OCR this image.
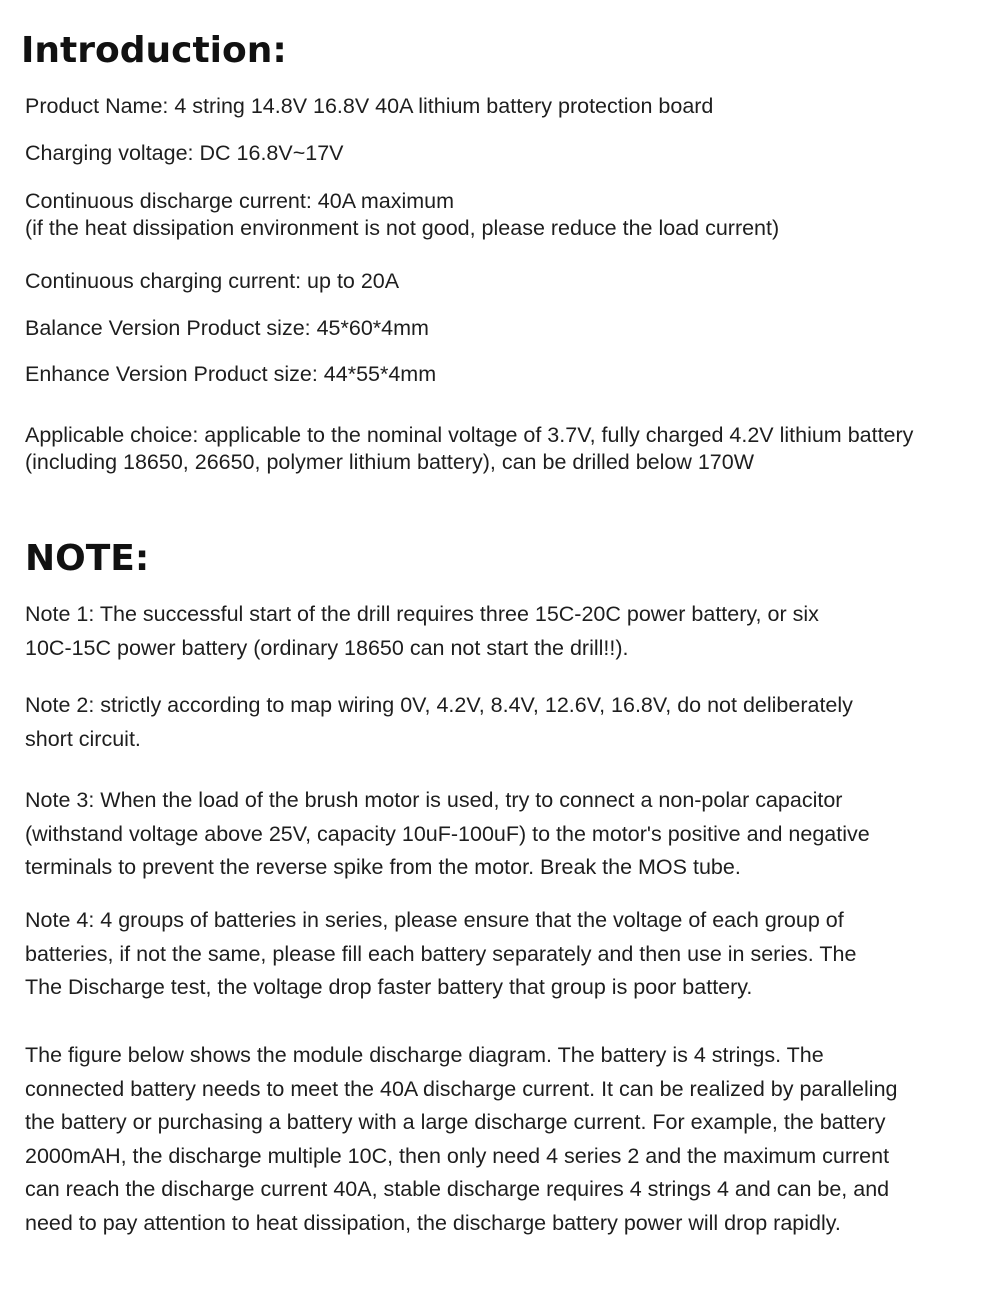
Introduction:

Product Name: 4 string 14.8V 16.8V 40A lithium battery protection board

Charging voltage: DC 16.8V~17V

Continuous discharge current: 40A maximum
(if the heat dissipation environment is not good, please reduce the load current)

Continuous charging current: up to 20A

Balance Version Product size: 45*60*4mm

Enhance Version Product size: 44*55*4mm

Applicable choice: applicable to the nominal voltage of 3.7V, fully charged 4.2V lithium battery
(including 18650, 26650, polymer lithium battery), can be drilled below 170W

NOTE:

Note 1: The successful start of the drill requires three 15C-20C power battery, or six
10C-15C power battery (ordinary 18650 can not start the drill!!).

Note 2: strictly according to map wiring 0V, 4.2V, 8.4V, 12.6V, 16.8V, do not deliberately
short circuit.

Note 3: When the load of the brush motor is used, try to connect a non-polar capacitor
(withstand voltage above 25V, capacity 10uF-100uF) to the motor's positive and negative
terminals to prevent the reverse spike from the motor. Break the MOS tube.

Note 4: 4 groups of batteries in series, please ensure that the voltage of each group of
batteries, if not the same, please fill each battery separately and then use in series. The
The Discharge test, the voltage drop faster battery that group is poor battery.

The figure below shows the module discharge diagram. The battery is 4 strings. The
connected battery needs to meet the 40A discharge current. It can be realized by paralleling
the battery or purchasing a battery with a large discharge current. For example, the battery
2000mAH, the discharge multiple 10C, then only need 4 series 2 and the maximum current
can reach the discharge current 40A, stable discharge requires 4 strings 4 and can be, and
need to pay attention to heat dissipation, the discharge battery power will drop rapidly.
